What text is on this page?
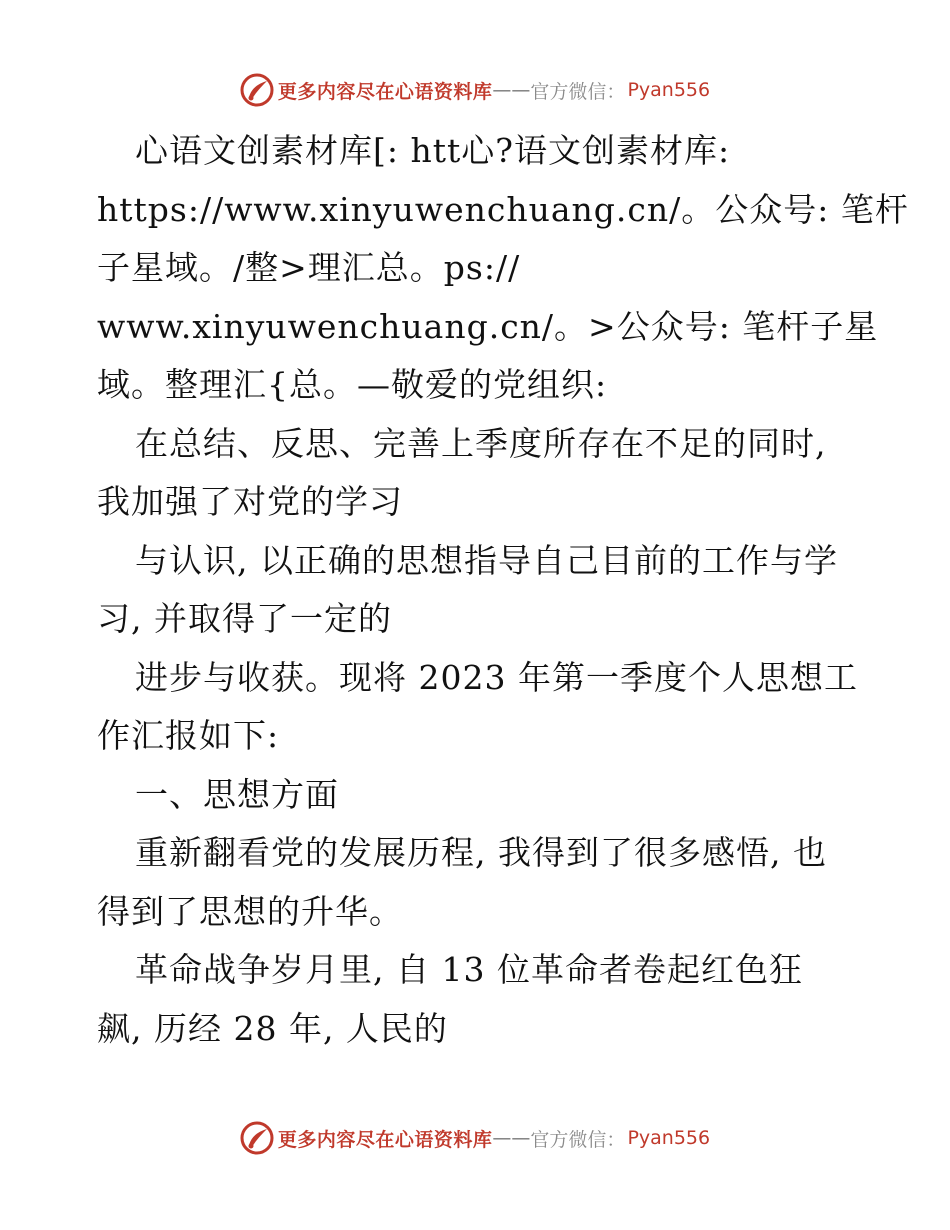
更多内容尽在心语资料库 —— 官方微信： Pyan556
心语文创素材库[: htt心?语文创素材库:
https://www.xinyuwenchuang.cn/。公众号: 笔杆
子星域。/整>理汇总。ps://
www.xinyuwenchuang.cn/。>公众号: 笔杆子星
域。整理汇{总。—敬爱的党组织:
在总结、反思、完善上季度所存在不足的同时,
我加强了对党的学习
与认识, 以正确的思想指导自己目前的工作与学
习, 并取得了一定的
进步与收获。现将 2023 年第一季度个人思想工
作汇报如下:
一、思想方面
重新翻看党的发展历程, 我得到了很多感悟, 也
得到了思想的升华。
革命战争岁月里, 自 13 位革命者卷起红色狂
飙, 历经 28 年, 人民的
更多内容尽在心语资料库 —— 官方微信： Pyan556
